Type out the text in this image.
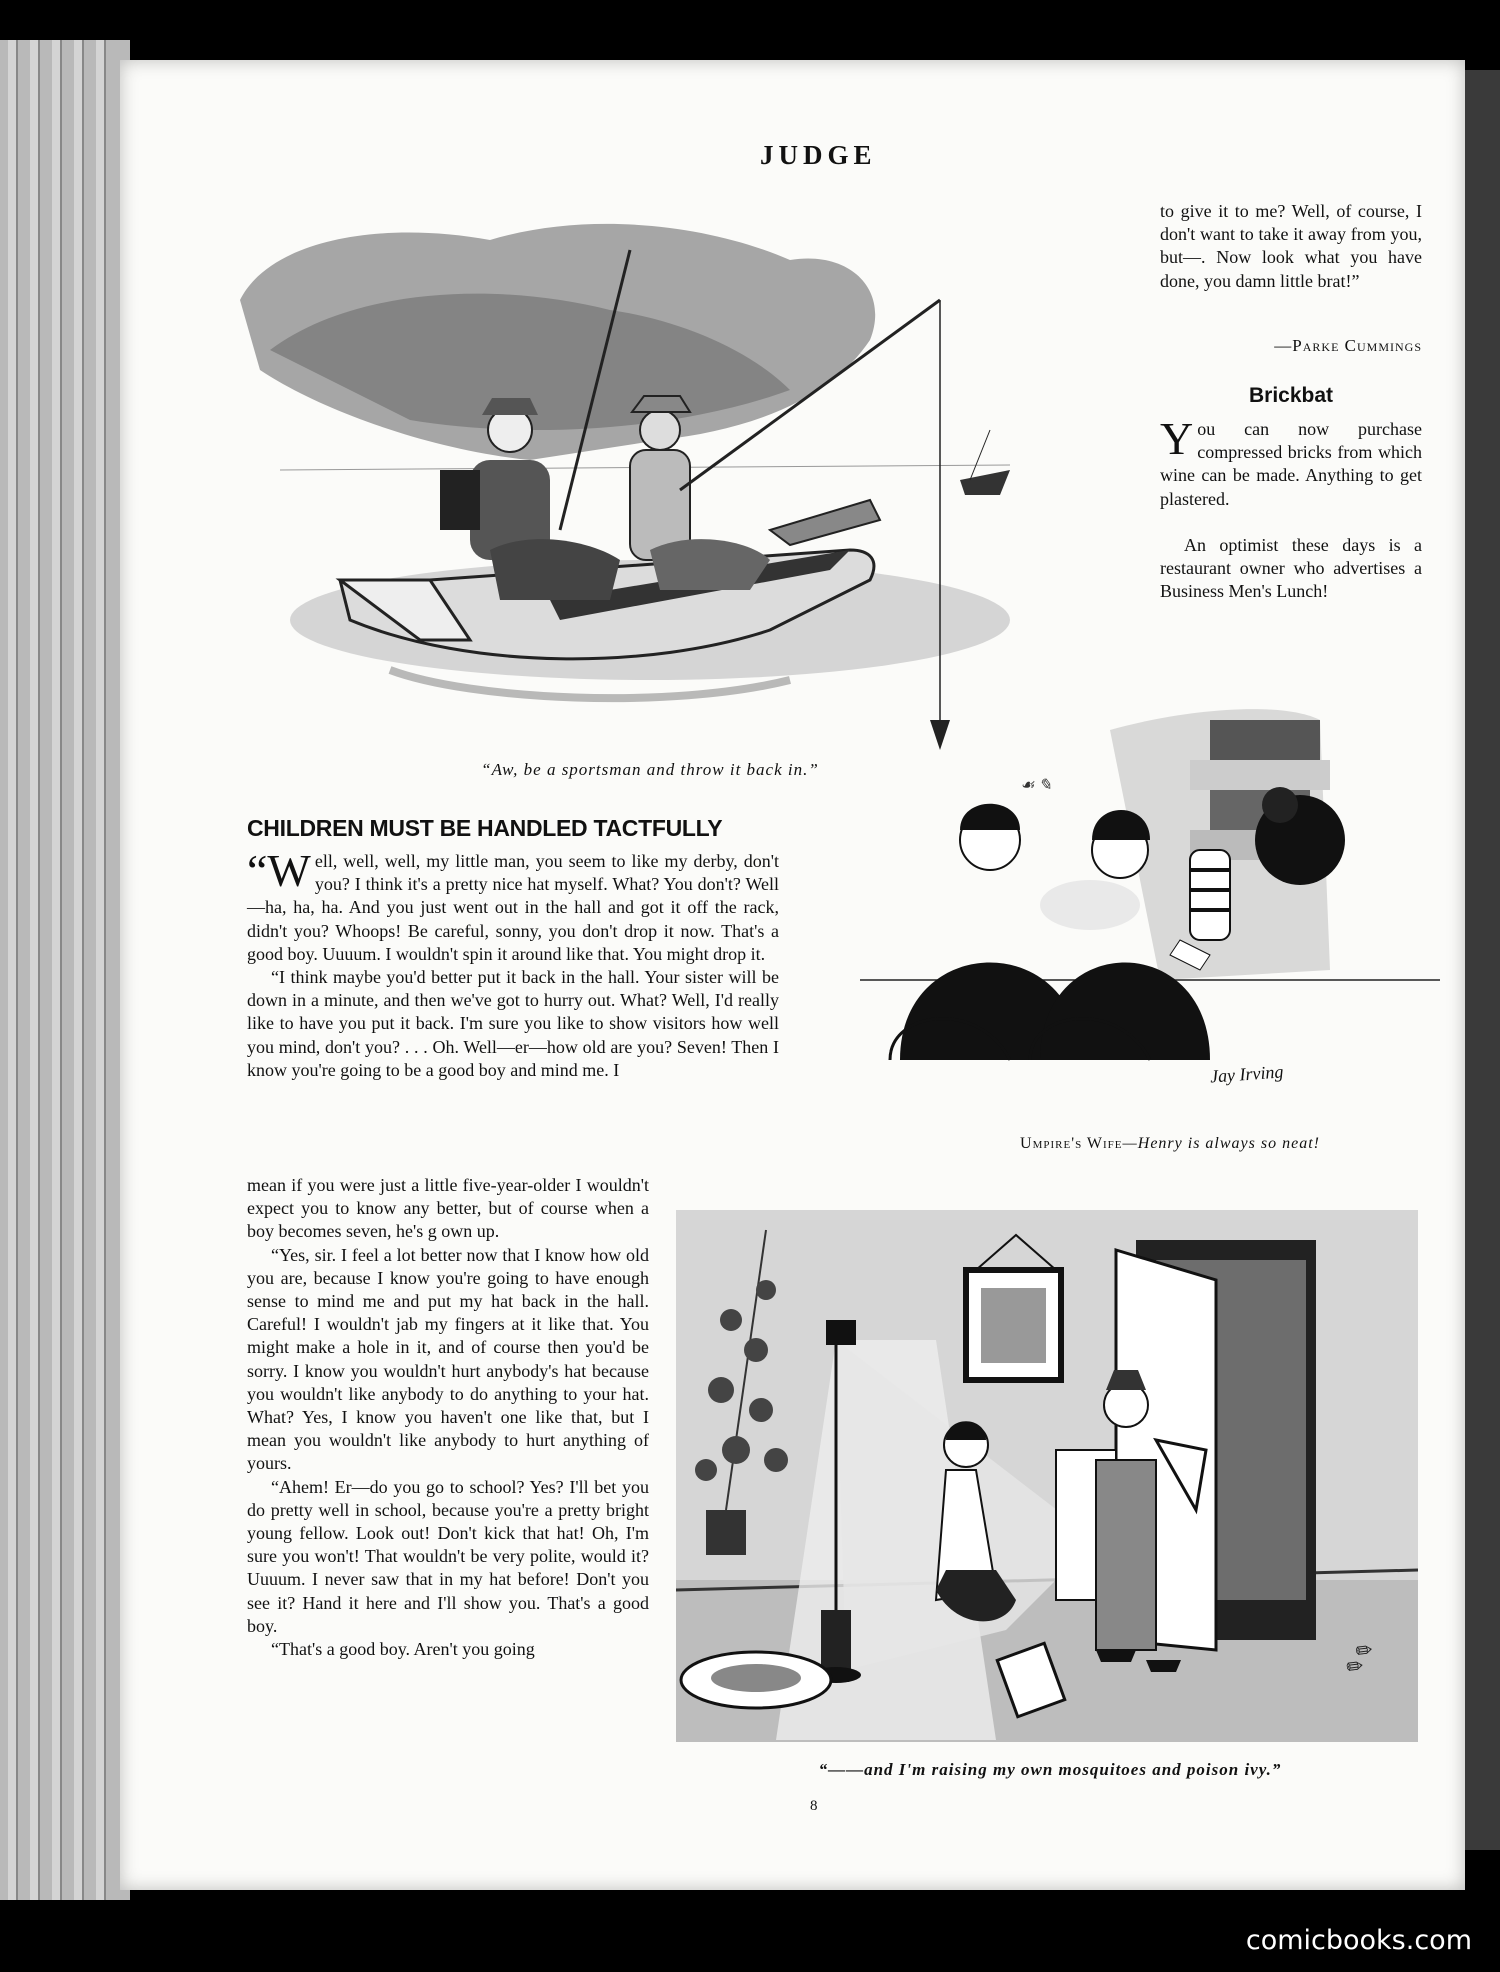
JUDGE
☙ ✎
“Aw, be a sportsman and throw it back in.”
to give it to me? Well, of course, I don't want to take it away from you, but—. Now look what you have done, you damn little brat!”
—Parke Cummings
Brickbat
Y ou can now purchase compressed bricks from which wine can be made. Anything to get plastered.
An optimist these days is a restaurant owner who advertises a Business Men's Lunch!
Jay Irving
Umpire's Wife—Henry is always so neat!
CHILDREN MUST BE HANDLED TACTFULLY

“Well, well, well, my little man, you seem to like my derby, don't you? I think it's a pretty nice hat myself. What? You don't? Well—ha, ha, ha. And you just went out in the hall and got it off the rack, didn't you? Whoops! Be careful, sonny, you don't drop it now. That's a good boy. Uuuum. I wouldn't spin it around like that. You might drop it.

“I think maybe you'd better put it back in the hall. Your sister will be down in a minute, and then we've got to hurry out. What? Well, I'd really like to have you put it back. I'm sure you like to show visitors how well you mind, don't you? . . . Oh. Well—er—how old are you? Seven! Then I know you're going to be a good boy and mind me. I

mean if you were just a little five-year-older I wouldn't expect you to know any better, but of course when a boy becomes seven, he's g own up.

“Yes, sir. I feel a lot better now that I know how old you are, because I know you're going to have enough sense to mind me and put my hat back in the hall. Careful! I wouldn't jab my fingers at it like that. You might make a hole in it, and of course then you'd be sorry. I know you wouldn't hurt anybody's hat because you wouldn't like anybody to do anything to your hat. What? Yes, I know you haven't one like that, but I mean you wouldn't like anybody to hurt anything of yours.

“Ahem! Er—do you go to school? Yes? I'll bet you do pretty well in school, because you're a pretty bright young fellow. Look out! Don't kick that hat! Oh, I'm sure you won't! That wouldn't be very polite, would it? Uuuum. I never saw that in my hat before! Don't you see it? Hand it here and I'll show you. That's a good boy.

“That's a good boy. Aren't you going	✎✎
“——and I'm raising my own mosquitoes and poison ivy.”
8
comicbooks.com
